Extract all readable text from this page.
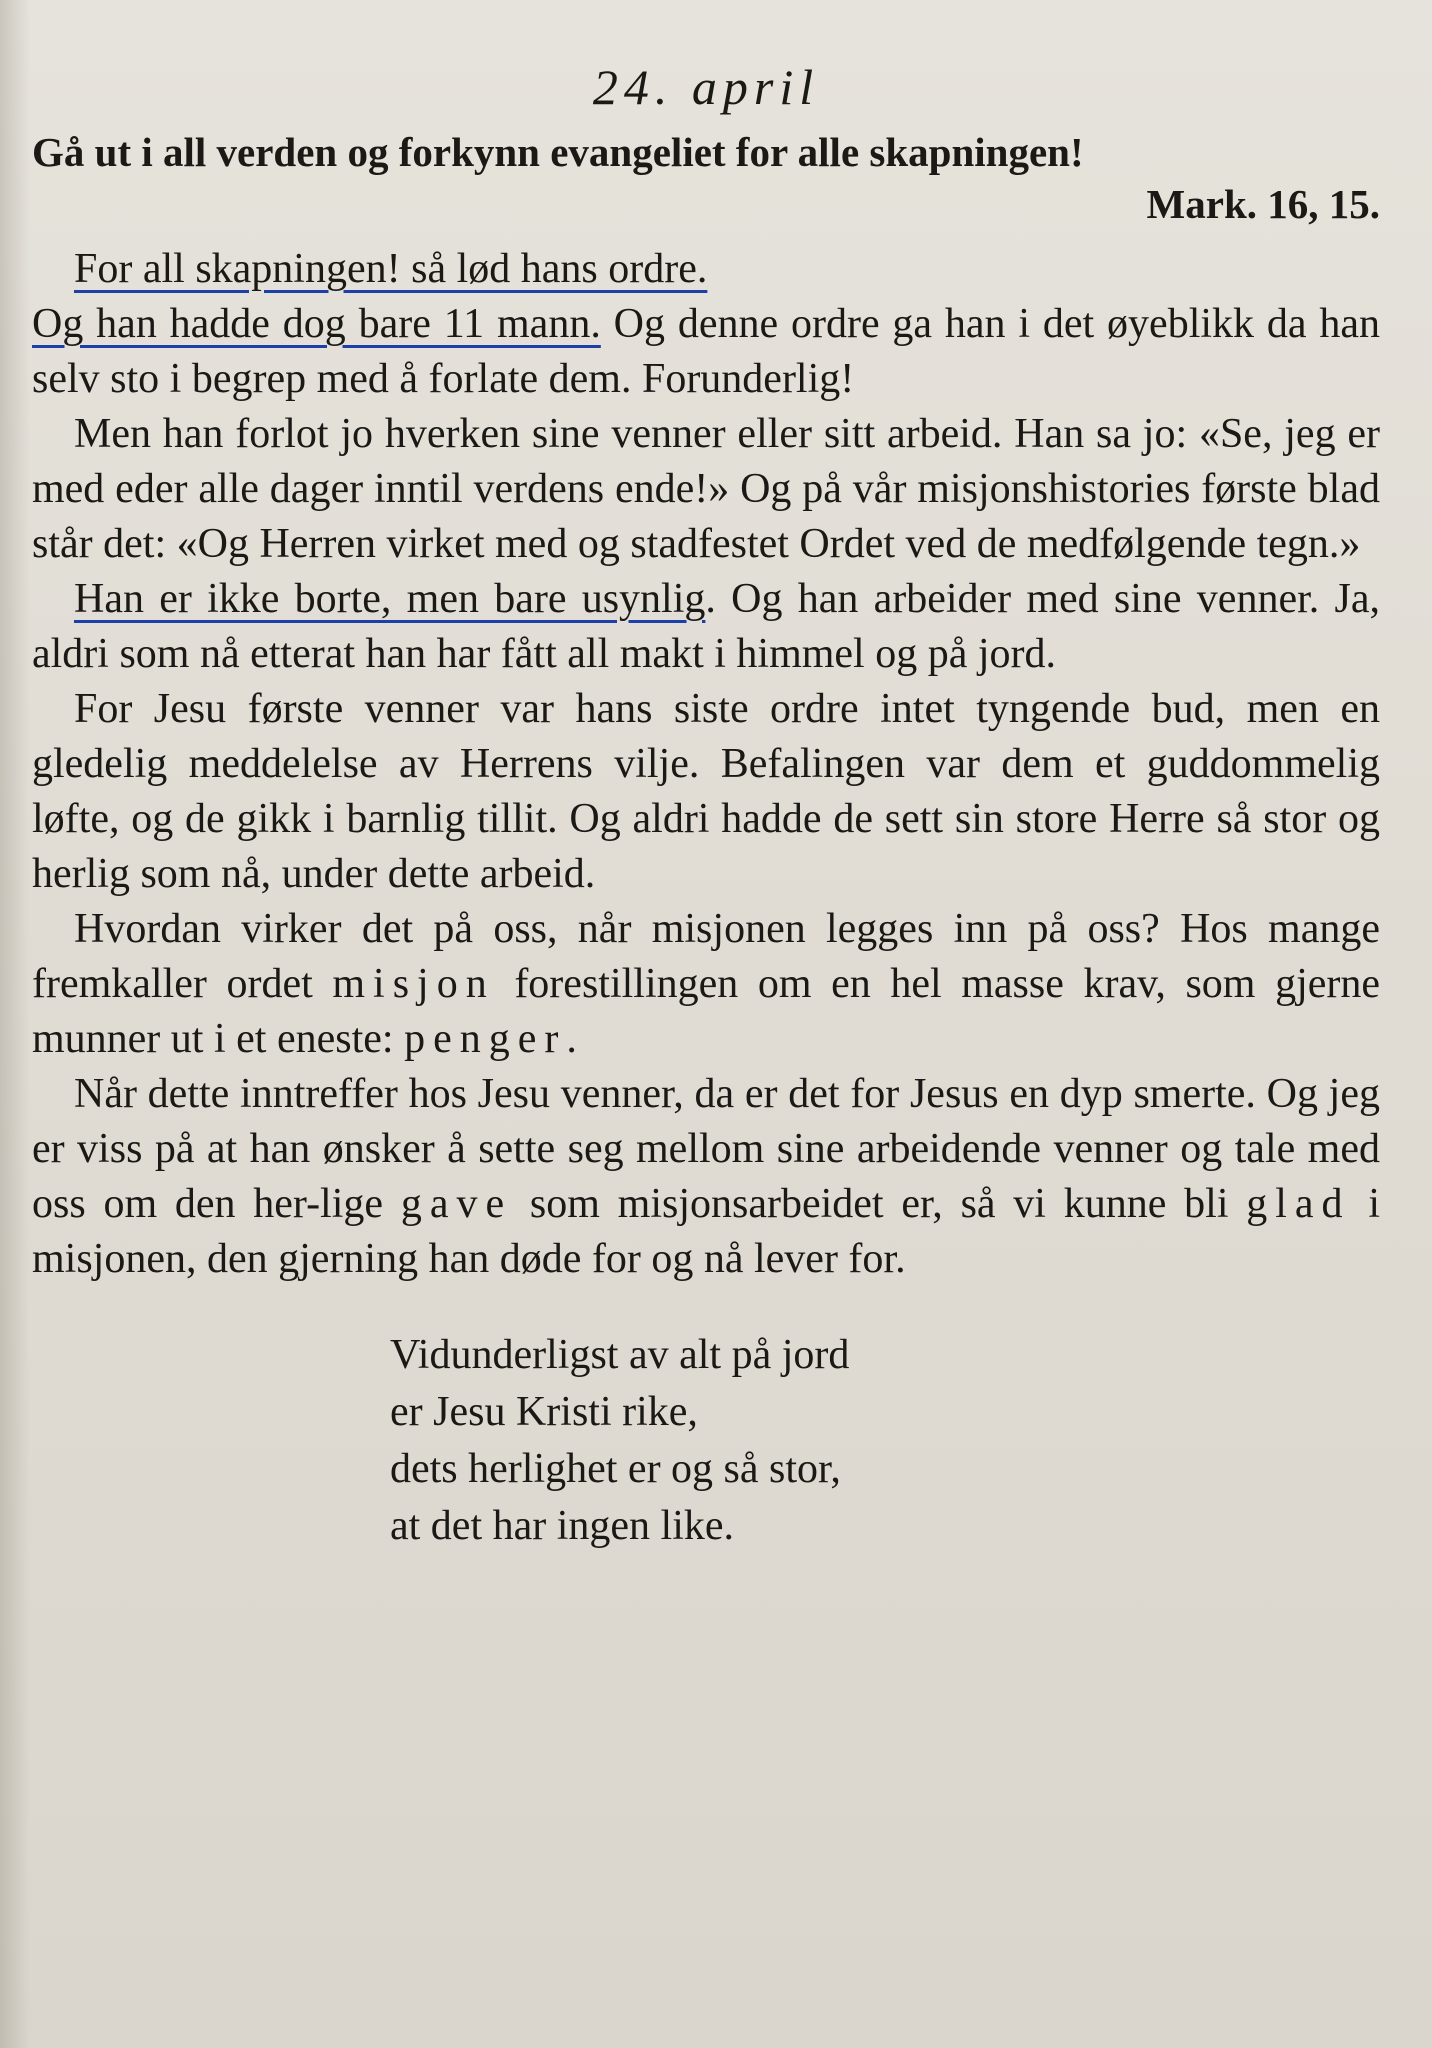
24. april
Gå ut i all verden og forkynn evangeliet for alle skapningen!
Mark. 16, 15.

For all skapningen! så lød hans ordre.
Og han hadde dog bare 11 mann. Og denne ordre ga han i det øyeblikk da han selv sto i begrep med å forlate dem. Forunderlig!

Men han forlot jo hverken sine venner eller sitt arbeid. Han sa jo: «Se, jeg er med eder alle dager inntil verdens ende!» Og på vår misjonshistories første blad står det: «Og Herren virket med og stadfestet Ordet ved de medfølgende tegn.»

Han er ikke borte, men bare usynlig. Og han arbeider med sine venner. Ja, aldri som nå etterat han har fått all makt i himmel og på jord.

For Jesu første venner var hans siste ordre intet tyngende bud, men en gledelig meddelelse av Herrens vilje. Befalingen var dem et guddommelig løfte, og de gikk i barnlig tillit. Og aldri hadde de sett sin store Herre så stor og herlig som nå, under dette arbeid.

Hvordan virker det på oss, når misjonen legges inn på oss? Hos mange fremkaller ordet misjon forestillingen om en hel masse krav, som gjerne munner ut i et eneste: penger.

Når dette inntreffer hos Jesu venner, da er det for Jesus en dyp smerte. Og jeg er viss på at han ønsker å sette seg mellom sine arbeidende venner og tale med oss om den her-lige gave som misjonsarbeidet er, så vi kunne bli glad i misjonen, den gjerning han døde for og nå lever for.

Vidunderligst av alt på jord
er Jesu Kristi rike,
dets herlighet er og så stor,
at det har ingen like.
